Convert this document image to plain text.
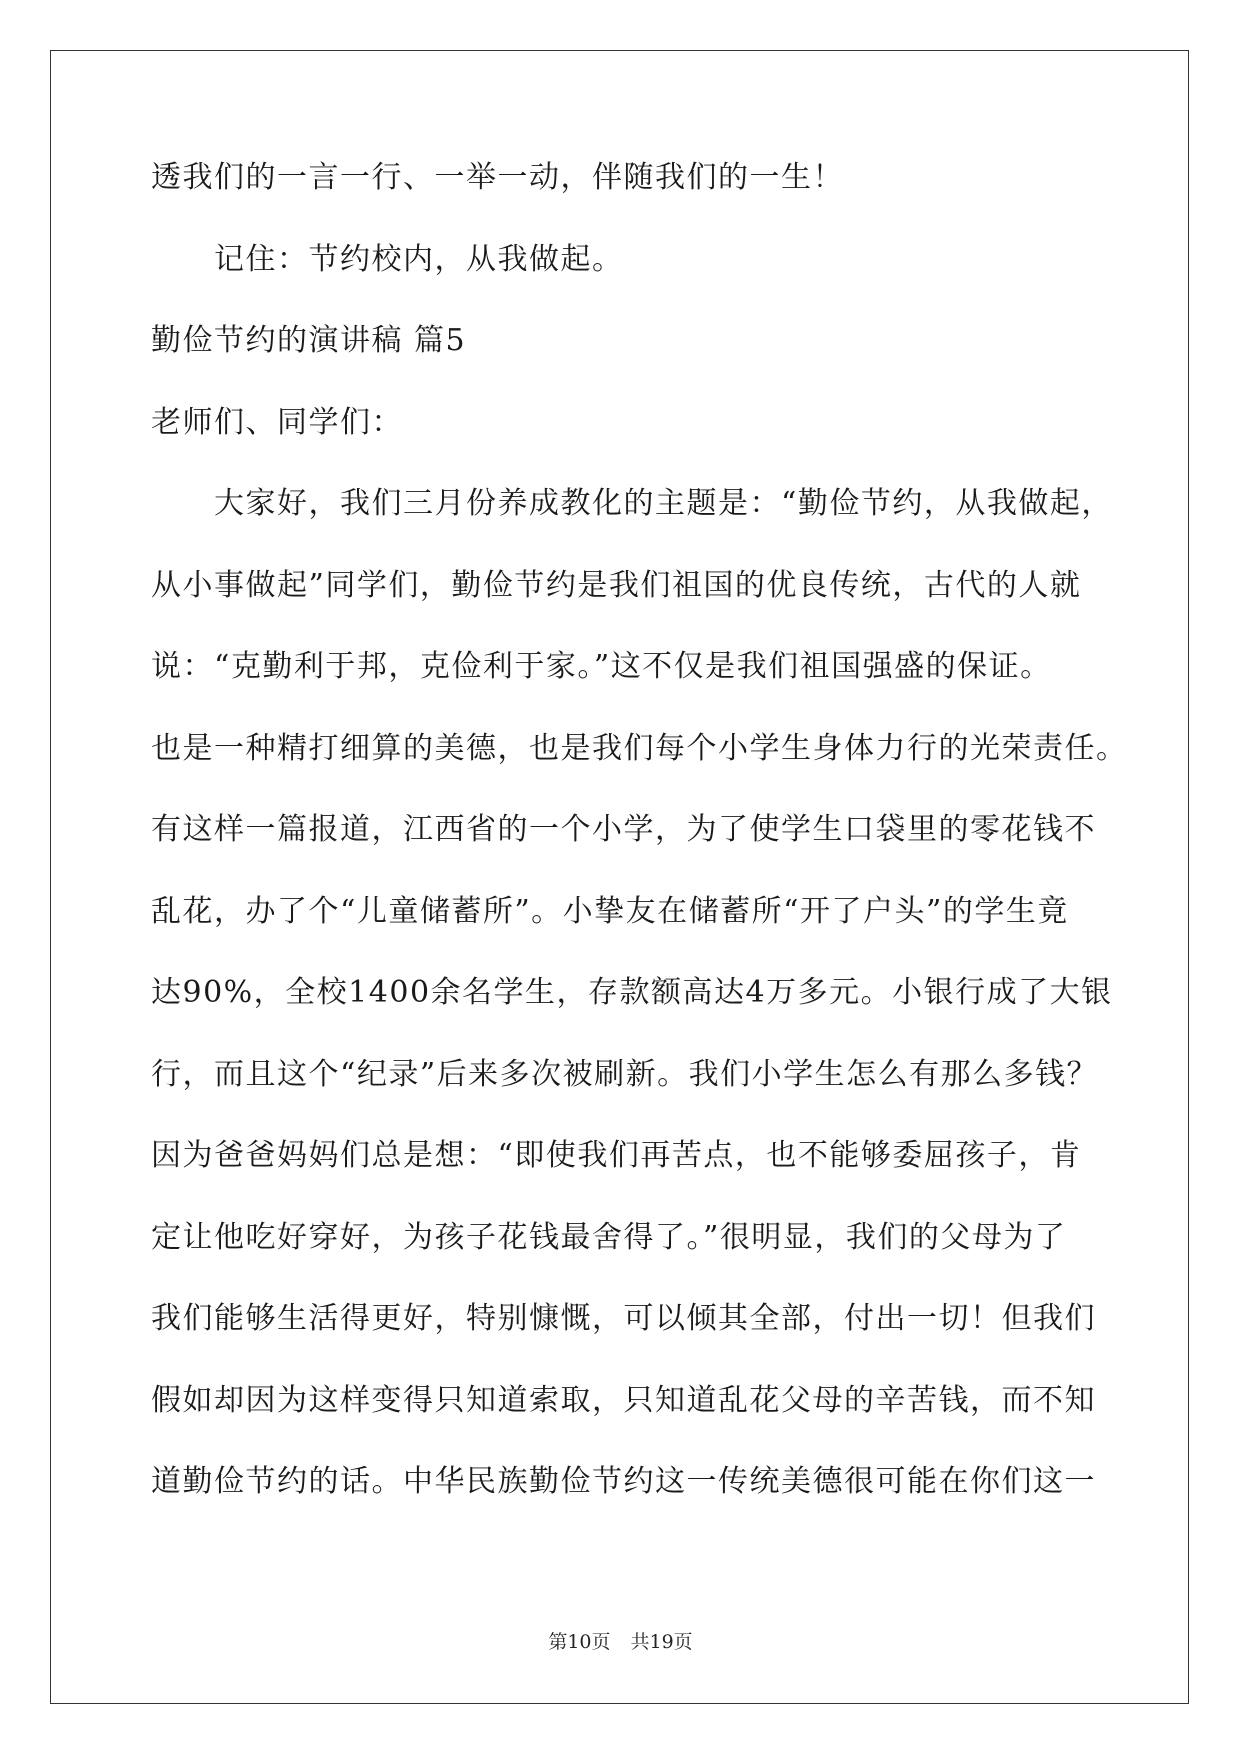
透我们的一言一行、一举一动，伴随我们的一生！
记住：节约校内，从我做起。
勤俭节约的演讲稿 篇5
老师们、同学们：
大家好，我们三月份养成教化的主题是：“勤俭节约，从我做起，
从小事做起”同学们，勤俭节约是我们祖国的优良传统，古代的人就
说：“克勤利于邦，克俭利于家。”这不仅是我们祖国强盛的保证。
也是一种精打细算的美德，也是我们每个小学生身体力行的光荣责任。
有这样一篇报道，江西省的一个小学，为了使学生口袋里的零花钱不
乱花，办了个“儿童储蓄所”。小挚友在储蓄所“开了户头”的学生竟
达90%，全校1400余名学生，存款额高达4万多元。小银行成了大银
行，而且这个“纪录”后来多次被刷新。我们小学生怎么有那么多钱？
因为爸爸妈妈们总是想：“即使我们再苦点，也不能够委屈孩子，肯
定让他吃好穿好，为孩子花钱最舍得了。”很明显，我们的父母为了
我们能够生活得更好，特别慷慨，可以倾其全部，付出一切！但我们
假如却因为这样变得只知道索取，只知道乱花父母的辛苦钱，而不知
道勤俭节约的话。中华民族勤俭节约这一传统美德很可能在你们这一
第10页 共19页
